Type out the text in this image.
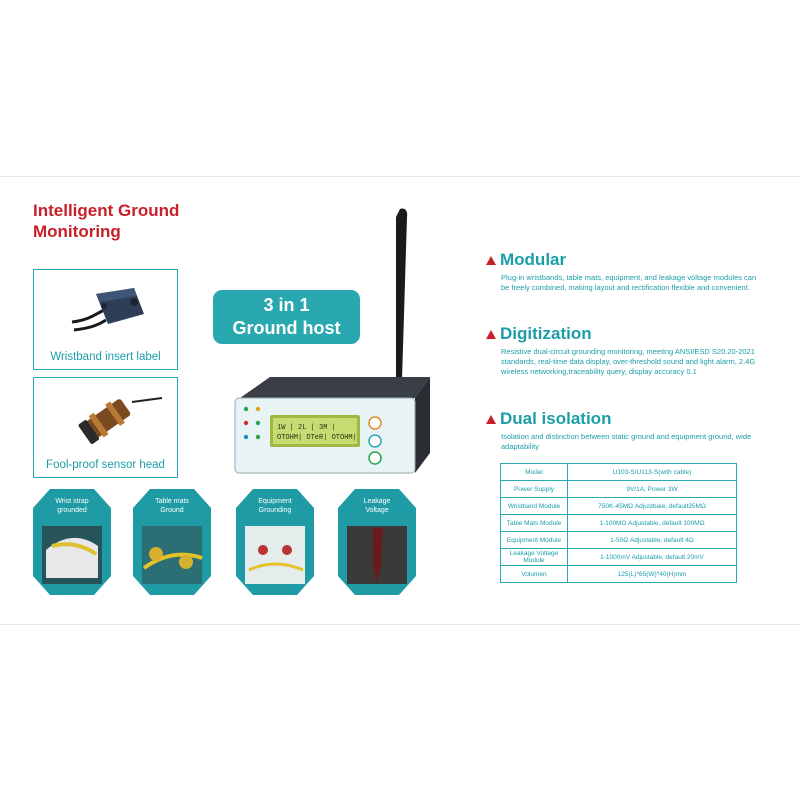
Intelligent Ground
Monitoring
Wristband insert label
Fool-proof sensor head
3 in 1
Ground host
1W | 2L | 3M |
OTOHM| OTeR| OTOHM|
Wrist strap
grounded
Table mats
Ground
Equipment
Grounding
Leakage
Voltage
Modular
Plug-in wristbands, table mats, equipment, and leakage voltage modules can be freely combined, making layout and rectification flexible and convenient.
Digitization
Resistive dual-circuit grounding monitoring, meeting ANSI/ESD S20.20-2021 standards, real-time data display, over-threshold sound and light alarm, 2.4G wireless networking,traceability query, display accuracy 0.1
Dual isolation
Isolation and distinction between static ground and equipment ground, wide adaptability
Model	U103-S/U113-S(with cable)
Power Supply	9V/1A, Power 3W
Wristband Module	750K-45MΩ Adjustbale, default35MΩ
Table Mats Module	1-100MΩ Adjustable, default 100MΩ
Equipment Module	1-50Ω Adjustable, default 4Ω
Leakage Voltage Module	1-1000mV Adjustable, default 20mV
Volumen	125(L)*65(W)*40(H)mm
